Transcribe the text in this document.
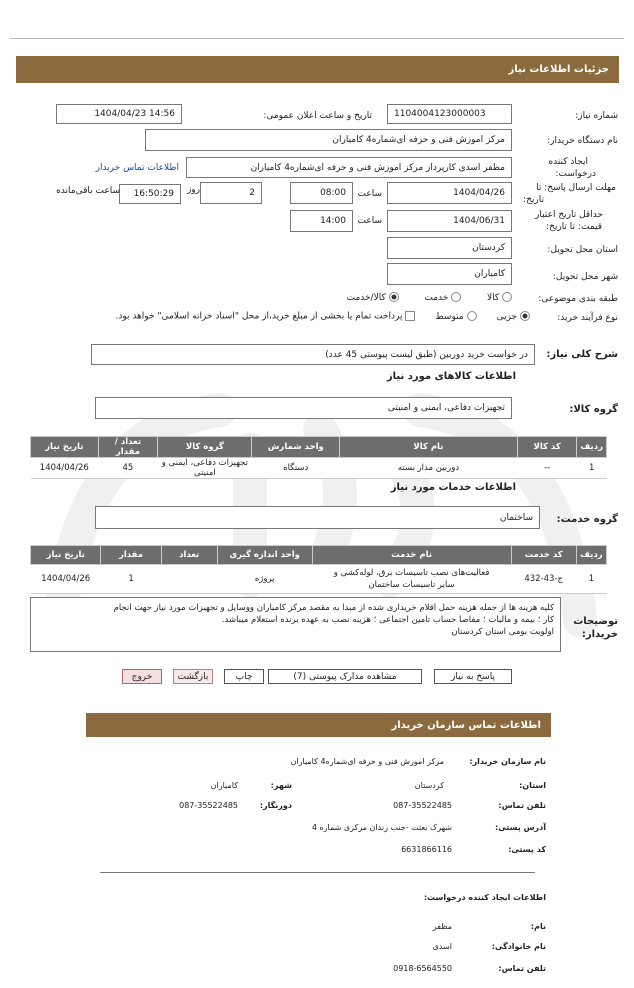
جزئیات اطلاعات نیاز
شماره نیاز:
1104004123000003
تاریخ و ساعت اعلان عمومی:
1404/04/23 14:56
نام دستگاه خریدار:
مرکز اموزش فنی و حرفه ای‌شماره4 کامیاران
ایجاد کننده
درخواست:
مظفر اسدی کارپرداز مرکز اموزش فنی و حرفه ای‌شماره4 کامیاران
اطلاعات تماس خریدار
مهلت ارسال پاسخ: تا
تاریخ:
1404/04/26
ساعت
08:00
2
روز
16:50:29
ساعت باقی‌مانده
حداقل تاریخ اعتبار
قیمت: تا تاریخ:
1404/06/31
ساعت
14:00
استان محل تحویل:
کردستان
شهر محل تحویل:
کامیاران
طبقه بندی موضوعی:
کالا          خدمت          کالا/خدمت
نوع فرآیند خرید:
جزیی        متوسط        پرداخت تمام یا بخشی از مبلغ خرید،از محل "اسناد خزانه اسلامی" خواهد بود.
شرح کلی نیاز:
در خواست خرید دوربین (طبق لیست پیوستی 45 عدد)
اطلاعات کالاهای مورد نیاز
گروه کالا:
تجهیزات دفاعی، ایمنی و امنیتی
ردیف	کد کالا	نام کالا	واحد شمارش	گروه کالا	تعداد / مقدار	تاریخ نیاز
1	--	دوربین مدار بسته	دستگاه	تجهیزات دفاعی، ایمنی و امنیتی	45	1404/04/26
اطلاعات خدمات مورد نیاز
گروه خدمت:
ساختمان
ردیف	کد خدمت	نام خدمت	واحد اندازه گیری	تعداد	مقدار	تاریخ نیاز
1	ج-43-432	فعالیت‌های نصب تاسیسات برق، لوله‌کشی و
سایر تاسیسات ساختمان	پروژه		1	1404/04/26
توضیحات
خریدار:
کلیه هزینه ها از جمله هزینه حمل اقلام خریداری شده از مبدا به مقصد مرکز کامیاران ووسایل و تجهیزات مورد نیاز جهت انجام
کار ؛ بیمه و مالیات ؛ مفاصا حساب تامین اجتماعی ؛ هزینه نصب به عهده برنده استعلام میباشد.
اولویت بومی استان کردستان
پاسخ به نیاز
مشاهده مدارک پیوستی (7)
چاپ
بازگشت
خروج
اطلاعات تماس سازمان خریدار
نام سازمان خریدار:
مرکز اموزش فنی و حرفه ای‌شماره4 کامیاران
استان:
کردستان
شهر:
کامیاران
تلفن تماس:
087-35522485
دورنگار:
087-35522485
آدرس پستی:
شهرک بعثت -جنب زندان مرکزی شماره 4
کد پستی:
6631866116
اطلاعات ایجاد کننده درخواست:
نام:
مظفر
نام خانوادگی:
اسدی
تلفن تماس:
0918-6564550
